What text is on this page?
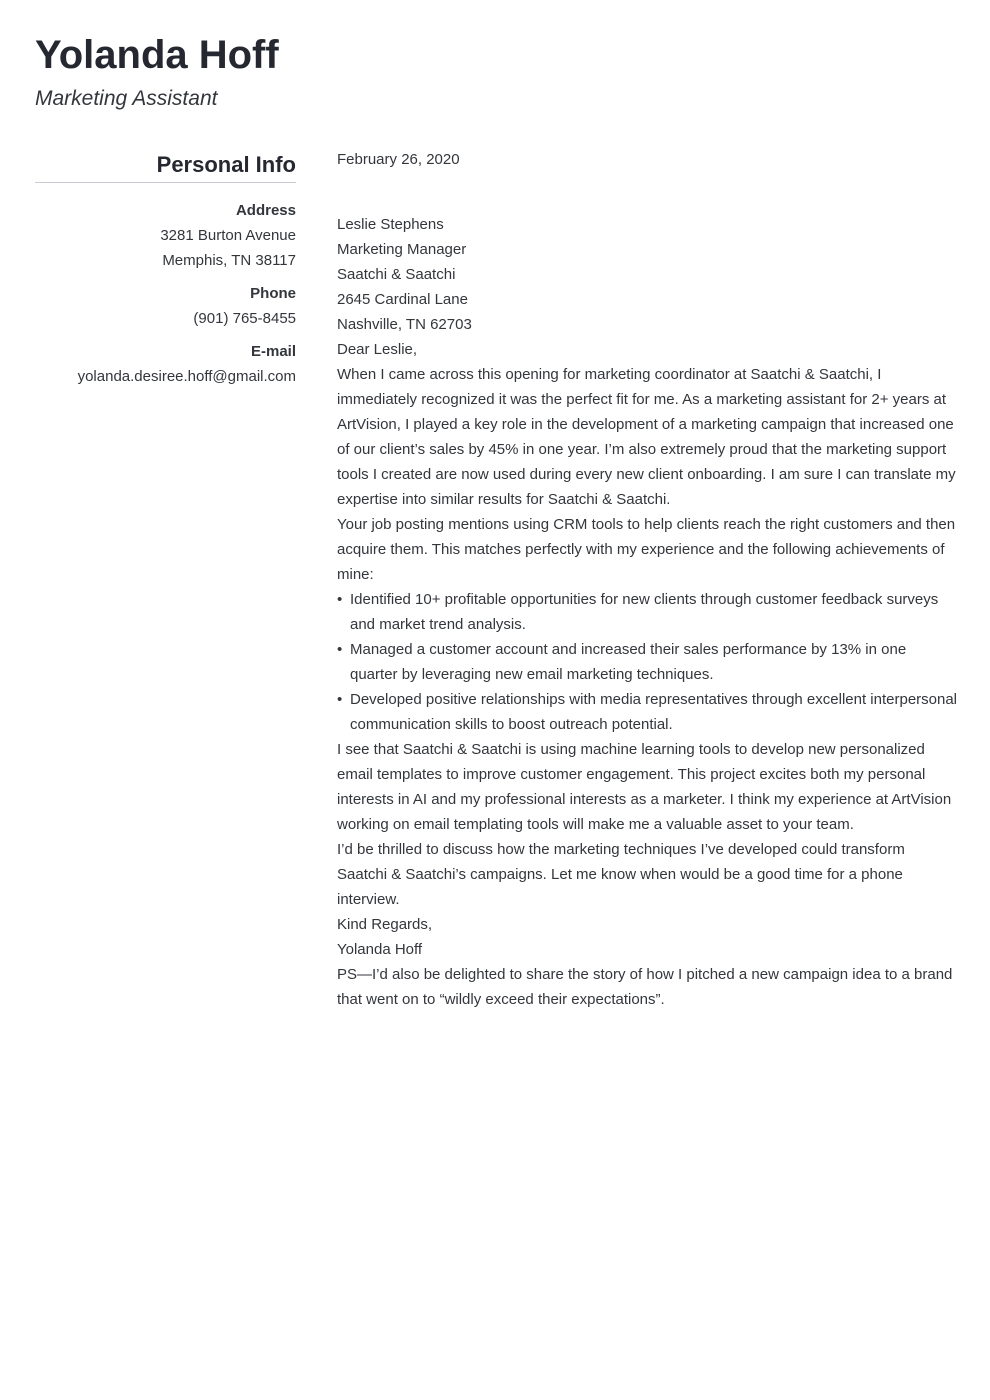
Yolanda Hoff
Marketing Assistant
Personal Info
Address
3281 Burton Avenue
Memphis, TN 38117
Phone
(901) 765-8455
E-mail
yolanda.desiree.hoff@gmail.com

February 26, 2020

Leslie Stephens

Marketing Manager

Saatchi & Saatchi

2645 Cardinal Lane

Nashville, TN 62703

Dear Leslie,

When I came across this opening for marketing coordinator at Saatchi & Saatchi, I immediately recognized it was the perfect fit for me. As a marketing assistant for 2+ years at ArtVision, I played a key role in the development of a marketing campaign that increased one of our client’s sales by 45% in one year. I’m also extremely proud that the marketing support tools I created are now used during every new client onboarding. I am sure I can translate my expertise into similar results for Saatchi & Saatchi.

Your job posting mentions using CRM tools to help clients reach the right customers and then acquire them. This matches perfectly with my experience and the following achievements of mine:

• Identified 10+ profitable opportunities for new clients through customer feedback surveys and market trend analysis.
• Managed a customer account and increased their sales performance by 13% in one quarter by leveraging new email marketing techniques.
• Developed positive relationships with media representatives through excellent interpersonal communication skills to boost outreach potential.

I see that Saatchi & Saatchi is using machine learning tools to develop new personalized email templates to improve customer engagement. This project excites both my personal interests in AI and my professional interests as a marketer. I think my experience at ArtVision working on email templating tools will make me a valuable asset to your team.

I’d be thrilled to discuss how the marketing techniques I’ve developed could transform Saatchi & Saatchi’s campaigns. Let me know when would be a good time for a phone interview.

Kind Regards,

Yolanda Hoff

PS—I’d also be delighted to share the story of how I pitched a new campaign idea to a brand that went on to “wildly exceed their expectations”.
